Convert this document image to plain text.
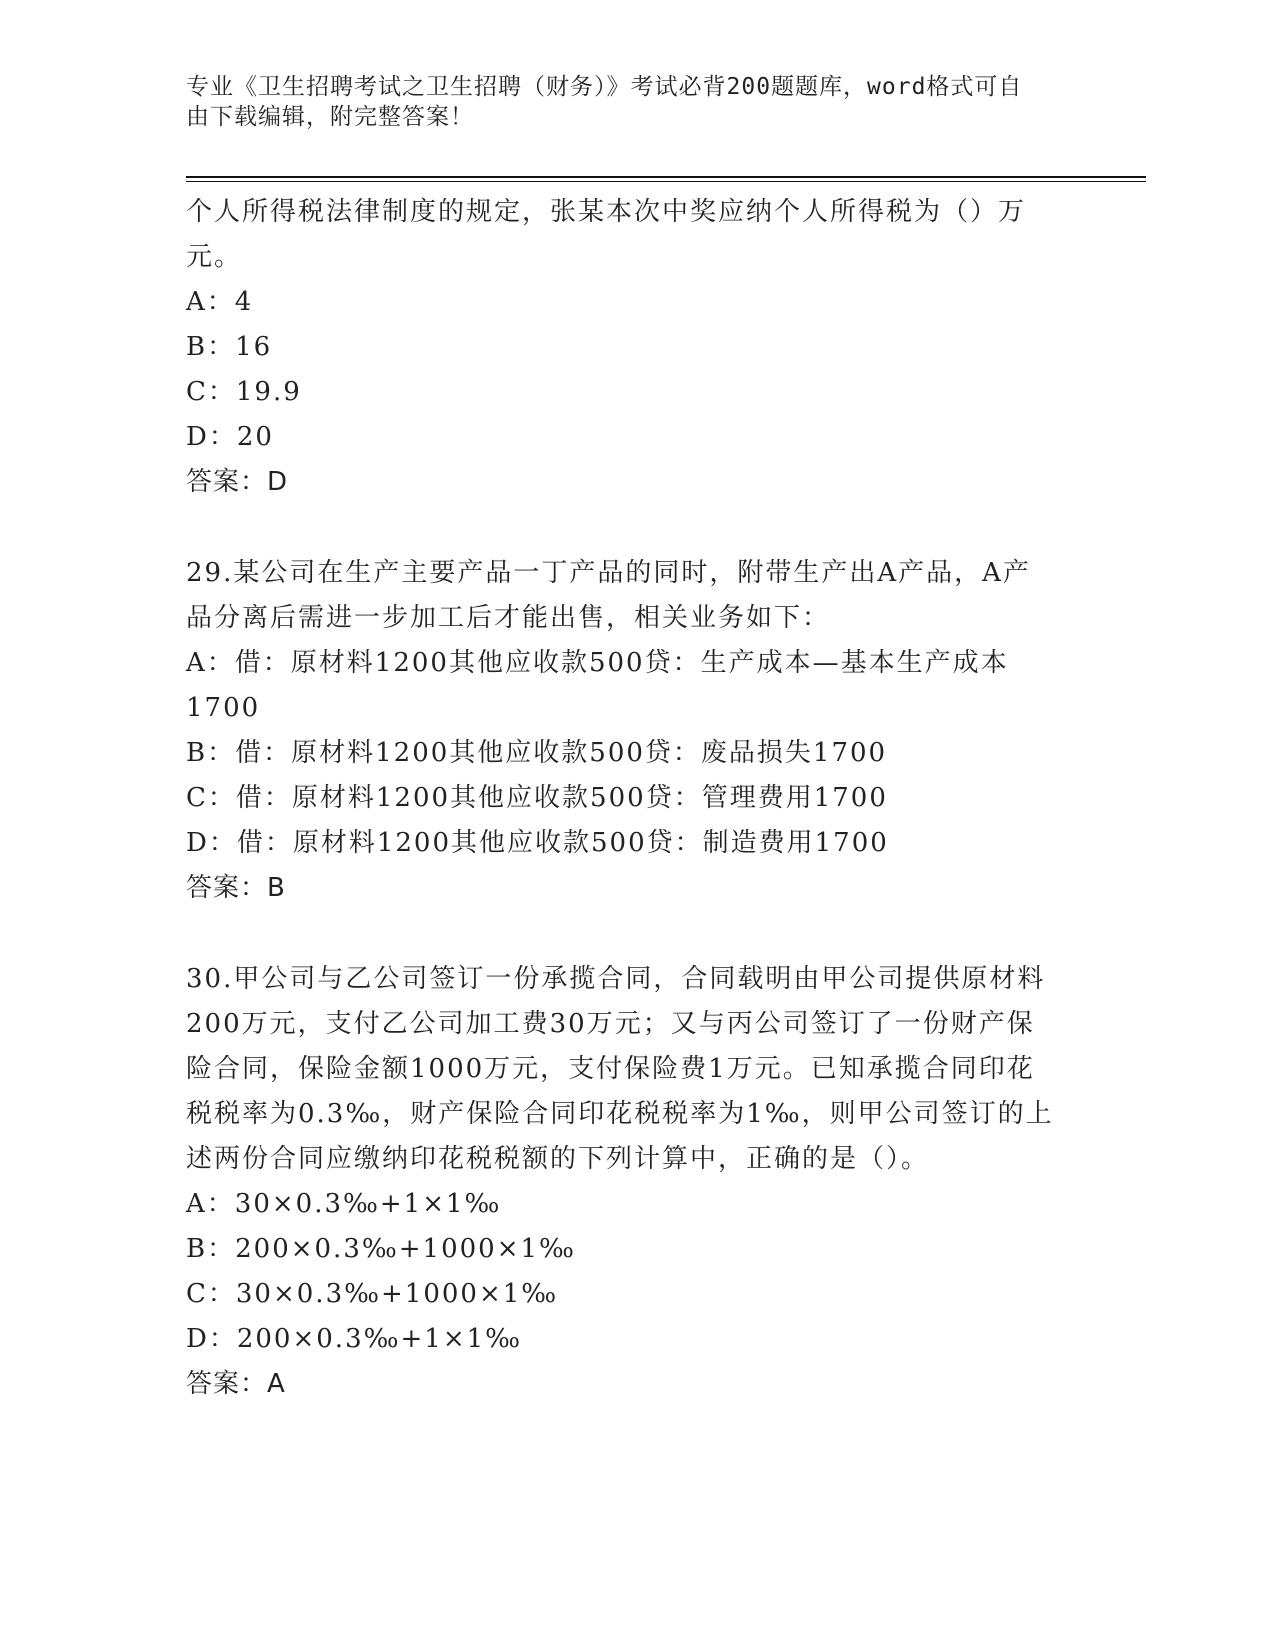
专业《卫生招聘考试之卫生招聘（财务）》考试必背200题题库，word格式可自
由下载编辑，附完整答案！
个人所得税法律制度的规定，张某本次中奖应纳个人所得税为（）万
元。
A：4
B：16
C：19.9
D：20
答案：D
29.某公司在生产主要产品一丁产品的同时，附带生产出A产品，A产
品分离后需进一步加工后才能出售，相关业务如下：
A：借：原材料1200其他应收款500贷：生产成本—基本生产成本
1700
B：借：原材料1200其他应收款500贷：废品损失1700
C：借：原材料1200其他应收款500贷：管理费用1700
D：借：原材料1200其他应收款500贷：制造费用1700
答案：B
30.甲公司与乙公司签订一份承揽合同，合同载明由甲公司提供原材料
200万元，支付乙公司加工费30万元；又与丙公司签订了一份财产保
险合同，保险金额1000万元，支付保险费1万元。已知承揽合同印花
税税率为0.3‰，财产保险合同印花税税率为1‰，则甲公司签订的上
述两份合同应缴纳印花税税额的下列计算中，正确的是（）。
A：30×0.3‰+1×1‰
B：200×0.3‰+1000×1‰
C：30×0.3‰+1000×1‰
D：200×0.3‰+1×1‰
答案：A
